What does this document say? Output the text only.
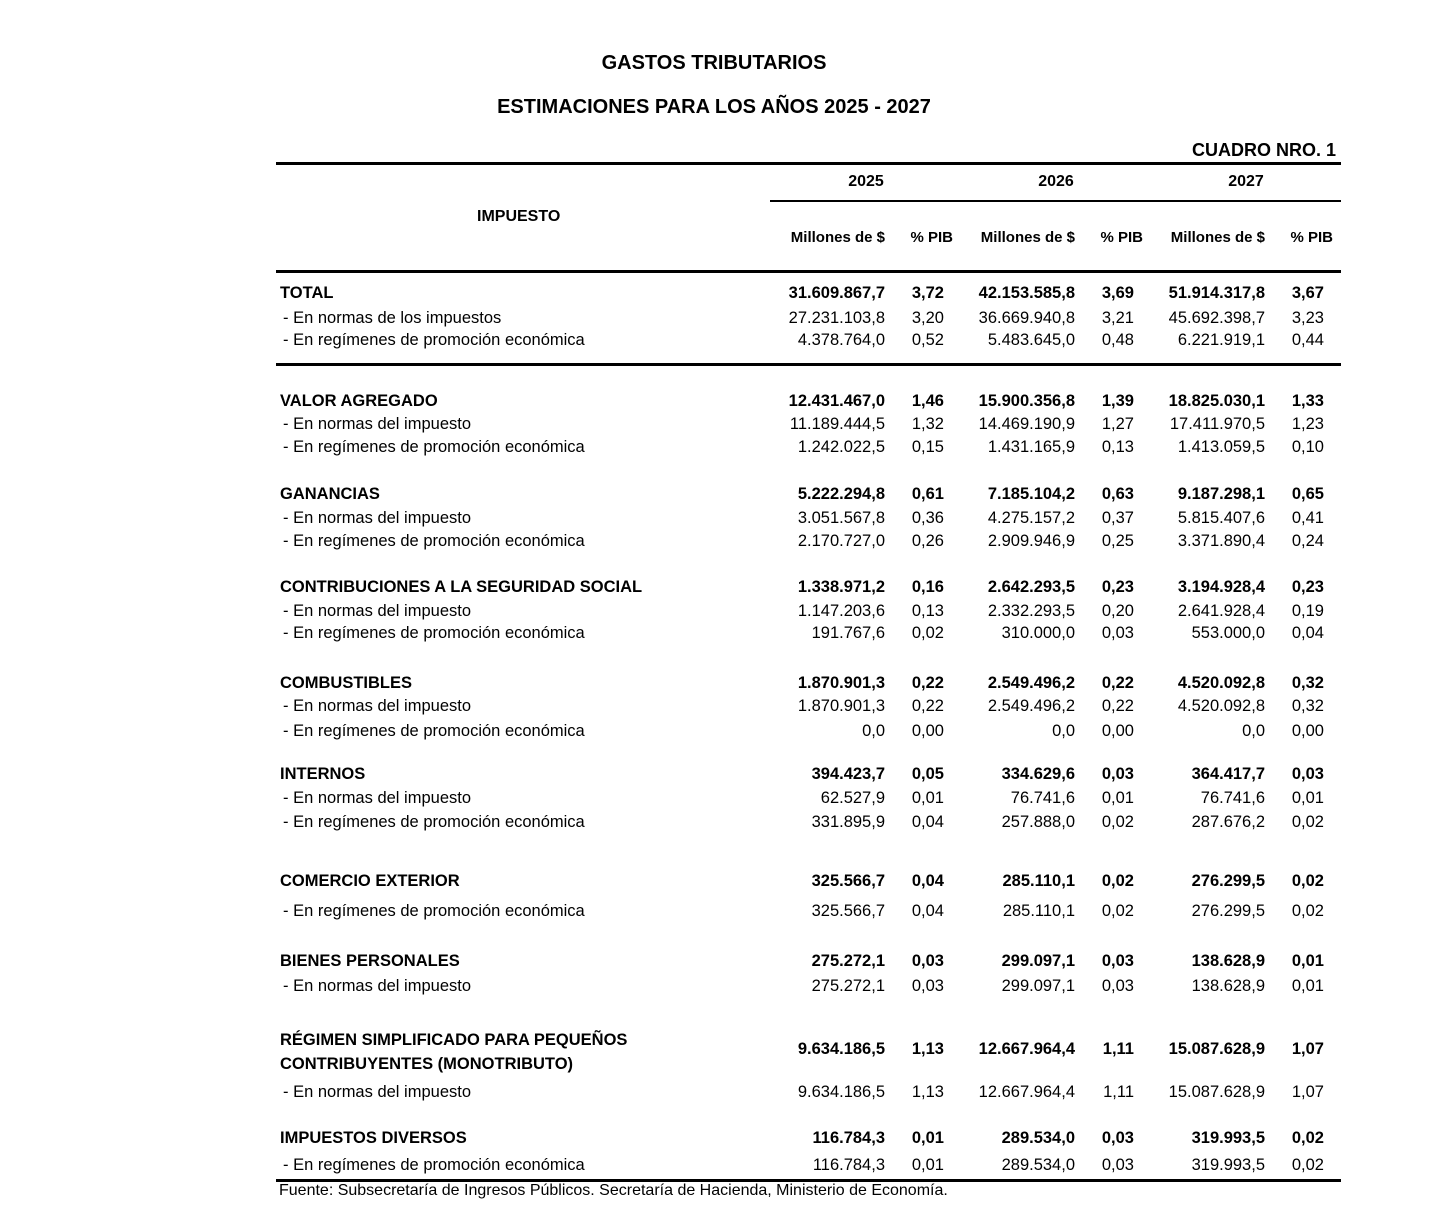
GASTOS TRIBUTARIOS
ESTIMACIONES PARA LOS AÑOS 2025 - 2027
CUADRO NRO. 1
IMPUESTO
2025	2026	2027
Millones de $ % PIB Millones de $ % PIB Millones de $ % PIB
TOTAL	31.609.867,7 3,72 42.153.585,8 3,69 51.914.317,8 3,67
- En normas de los impuestos	27.231.103,8 3,20 36.669.940,8 3,21 45.692.398,7 3,23
- En regímenes de promoción económica	4.378.764,0 0,52	5.483.645,0 0,48	6.221.919,1 0,44
VALOR AGREGADO	12.431.467,0 1,46 15.900.356,8 1,39 18.825.030,1 1,33
- En normas del impuesto	11.189.444,5 1,32 14.469.190,9 1,27 17.411.970,5 1,23
- En regímenes de promoción económica	1.242.022,5 0,15	1.431.165,9 0,13	1.413.059,5 0,10
GANANCIAS	5.222.294,8 0,61	7.185.104,2 0,63	9.187.298,1 0,65
- En normas del impuesto	3.051.567,8 0,36	4.275.157,2 0,37	5.815.407,6 0,41
- En regímenes de promoción económica	2.170.727,0 0,26	2.909.946,9 0,25	3.371.890,4 0,24
CONTRIBUCIONES A LA SEGURIDAD SOCIAL	1.338.971,2 0,16	2.642.293,5 0,23	3.194.928,4 0,23
- En normas del impuesto	1.147.203,6 0,13	2.332.293,5 0,20	2.641.928,4 0,19
- En regímenes de promoción económica	191.767,6 0,02	310.000,0 0,03	553.000,0 0,04
COMBUSTIBLES	1.870.901,3 0,22	2.549.496,2 0,22	4.520.092,8 0,32
- En normas del impuesto	1.870.901,3 0,22	2.549.496,2 0,22	4.520.092,8 0,32
- En regímenes de promoción económica	0,0 0,00	0,0 0,00	0,0 0,00
INTERNOS	394.423,7 0,05	334.629,6 0,03	364.417,7 0,03
- En normas del impuesto	62.527,9 0,01	76.741,6 0,01	76.741,6 0,01
- En regímenes de promoción económica	331.895,9 0,04	257.888,0 0,02	287.676,2 0,02
COMERCIO EXTERIOR	325.566,7 0,04	285.110,1 0,02	276.299,5 0,02
- En regímenes de promoción económica	325.566,7 0,04	285.110,1 0,02	276.299,5 0,02
BIENES PERSONALES	275.272,1 0,03	299.097,1 0,03	138.628,9 0,01
- En normas del impuesto	275.272,1 0,03	299.097,1 0,03	138.628,9 0,01
RÉGIMEN SIMPLIFICADO PARA PEQUEÑOS
CONTRIBUYENTES (MONOTRIBUTO)
9.634.186,5 1,13 12.667.964,4 1,11 15.087.628,9 1,07
- En normas del impuesto	9.634.186,5 1,13 12.667.964,4 1,11 15.087.628,9 1,07
IMPUESTOS DIVERSOS	116.784,3 0,01	289.534,0 0,03	319.993,5 0,02
- En regímenes de promoción económica	116.784,3 0,01	289.534,0 0,03	319.993,5 0,02
Fuente: Subsecretaría de Ingresos Públicos. Secretaría de Hacienda, Ministerio de Economía.
